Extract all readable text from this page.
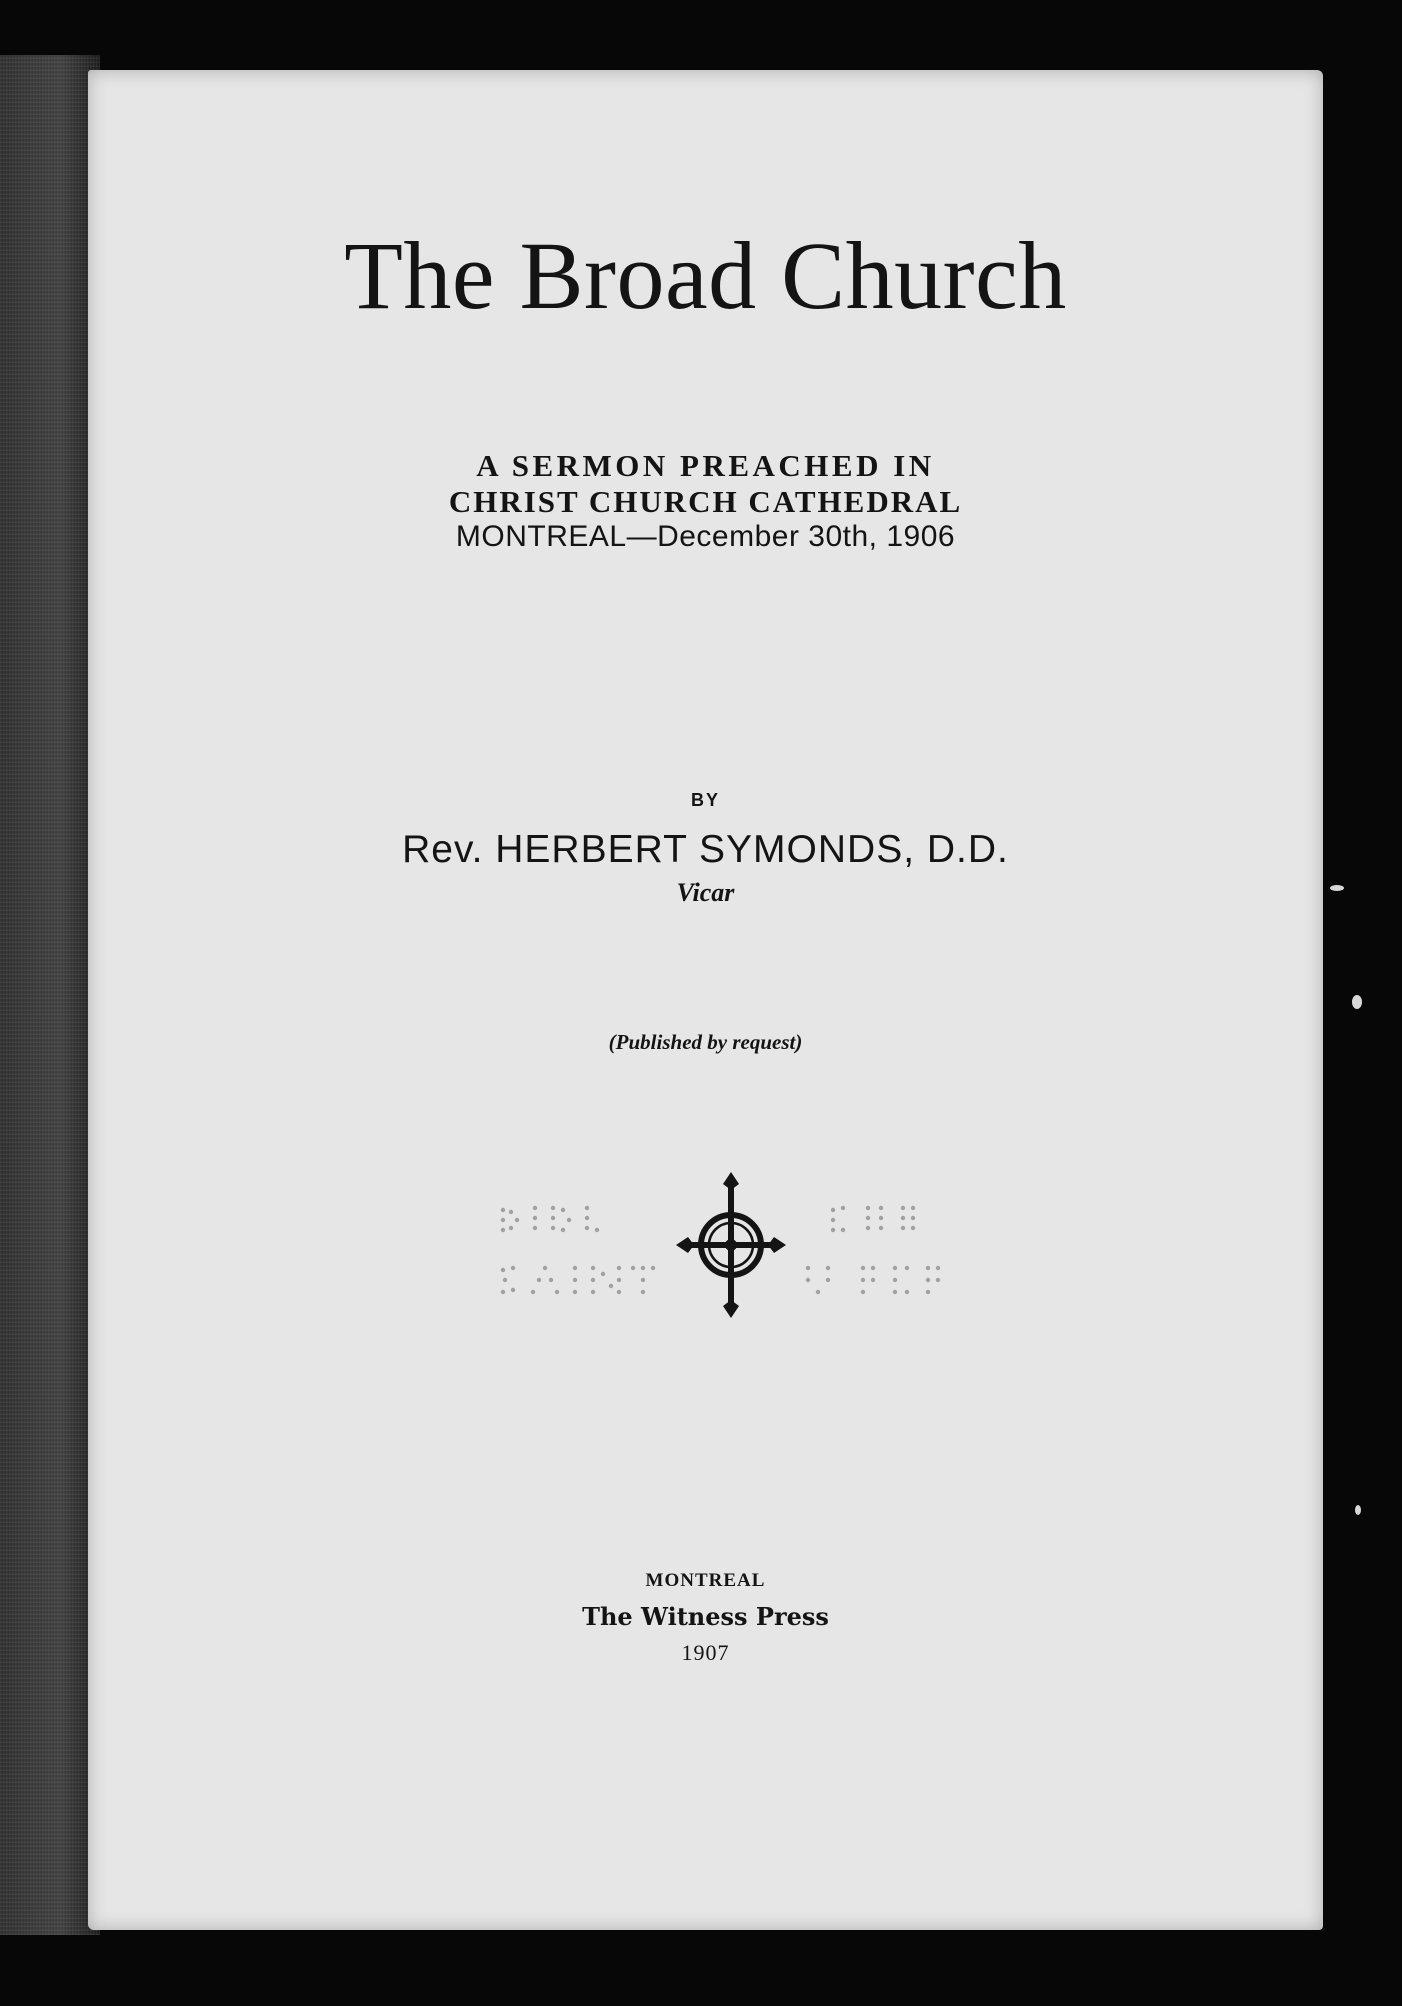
The Broad Church
A SERMON PREACHED IN
CHRIST CHURCH CATHEDRAL
MONTREAL—December 30th, 1906
BY
Rev. HERBERT SYMONDS, D.D.
Vicar
(Published by request)
MONTREAL
The Witness Press
1907
